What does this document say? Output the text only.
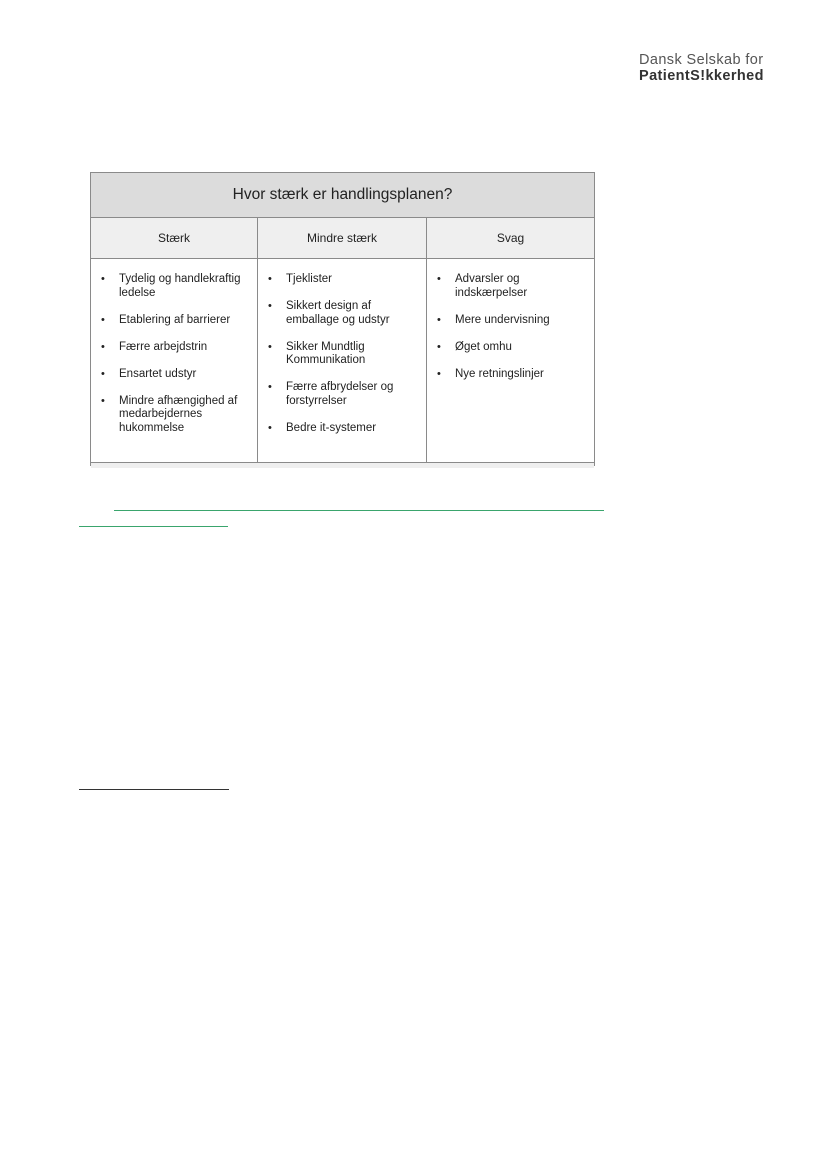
Dansk Selskab for
PatientS!kkerhed
Hvor stærk er handlingsplanen?
Stærk	Mindre stærk	Svag
• Tydelig og handlekraftig ledelse
• Etablering af barrierer
• Færre arbejdstrin
• Ensartet udstyr
• Mindre afhængighed af medarbejdernes hukommelse
• Tjeklister
• Sikkert design af emballage og udstyr
• Sikker Mundtlig Kommunikation
• Færre afbrydelser og forstyrrelser
• Bedre it-systemer
• Advarsler og indskærpelser
• Mere undervisning
• Øget omhu
• Nye retningslinjer
